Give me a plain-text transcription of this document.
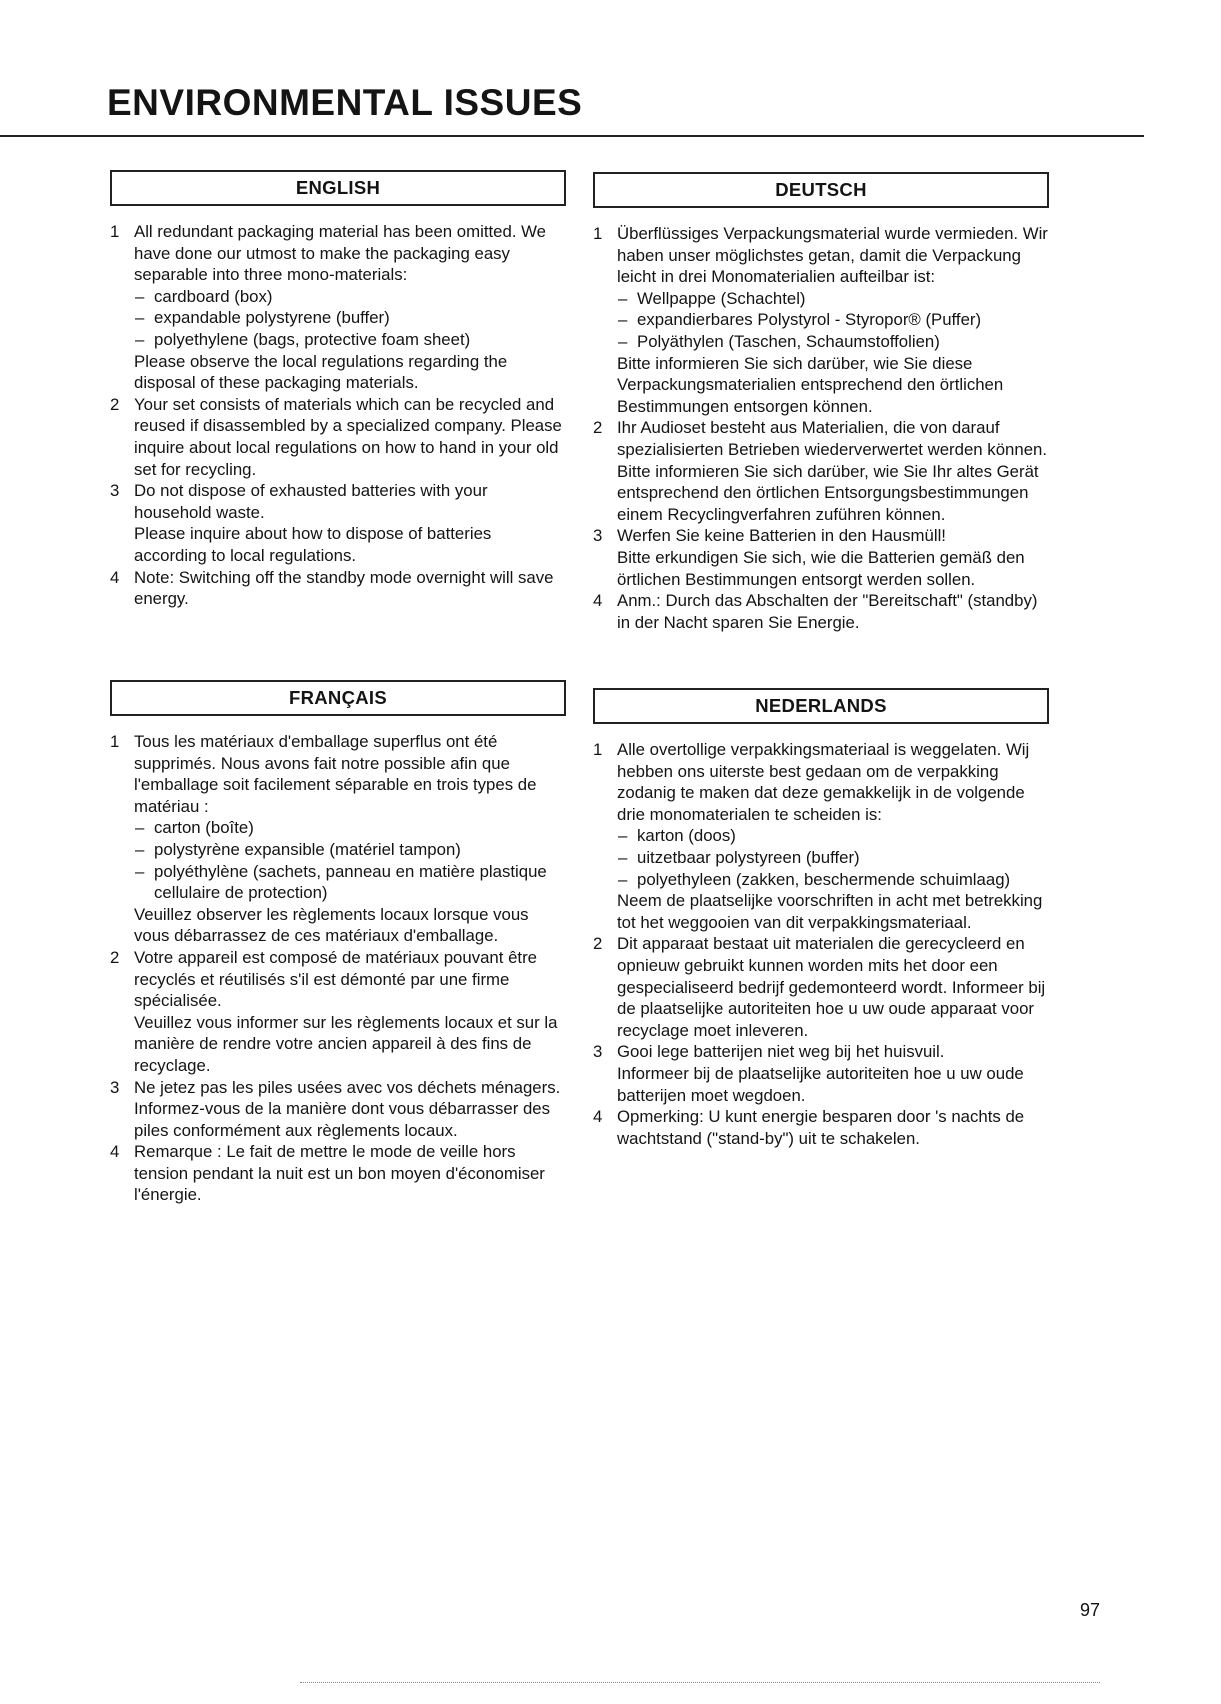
ENVIRONMENTAL ISSUES
ENGLISH
1 All redundant packaging material has been omitted. We have done our utmost to make the packaging easy separable into three mono-materials:
– cardboard (box)
– expandable polystyrene (buffer)
– polyethylene (bags, protective foam sheet)
Please observe the local regulations regarding the disposal of these packaging materials.
2 Your set consists of materials which can be recycled and reused if disassembled by a specialized company. Please inquire about local regulations on how to hand in your old set for recycling.
3 Do not dispose of exhausted batteries with your household waste.
Please inquire about how to dispose of batteries according to local regulations.
4 Note: Switching off the standby mode overnight will save energy.
DEUTSCH
1 Überflüssiges Verpackungsmaterial wurde vermieden. Wir haben unser möglichstes getan, damit die Verpackung leicht in drei Monomaterialien aufteilbar ist:
– Wellpappe (Schachtel)
– expandierbares Polystyrol - Styropor® (Puffer)
– Polyäthylen (Taschen, Schaumstoffolien)
Bitte informieren Sie sich darüber, wie Sie diese Verpackungsmaterialien entsprechend den örtlichen Bestimmungen entsorgen können.
2 Ihr Audioset besteht aus Materialien, die von darauf spezialisierten Betrieben wiederverwertet werden können.
Bitte informieren Sie sich darüber, wie Sie Ihr altes Gerät entsprechend den örtlichen Entsorgungsbestimmungen einem Recyclingverfahren zuführen können.
3 Werfen Sie keine Batterien in den Hausmüll!
Bitte erkundigen Sie sich, wie die Batterien gemäß den örtlichen Bestimmungen entsorgt werden sollen.
4 Anm.: Durch das Abschalten der "Bereitschaft" (standby) in der Nacht sparen Sie Energie.
FRANÇAIS
1 Tous les matériaux d'emballage superflus ont été supprimés. Nous avons fait notre possible afin que l'emballage soit facilement séparable en trois types de matériau :
– carton (boîte)
– polystyrène expansible (matériel tampon)
– polyéthylène (sachets, panneau en matière plastique cellulaire de protection)
Veuillez observer les règlements locaux lorsque vous vous débarrassez de ces matériaux d'emballage.
2 Votre appareil est composé de matériaux pouvant être recyclés et réutilisés s'il est démonté par une firme spécialisée.
Veuillez vous informer sur les règlements locaux et sur la manière de rendre votre ancien appareil à des fins de recyclage.
3 Ne jetez pas les piles usées avec vos déchets ménagers. Informez-vous de la manière dont vous débarrasser des piles conformément aux règlements locaux.
4 Remarque : Le fait de mettre le mode de veille hors tension pendant la nuit est un bon moyen d'économiser l'énergie.
NEDERLANDS
1 Alle overtollige verpakkingsmateriaal is weggelaten. Wij hebben ons uiterste best gedaan om de verpakking zodanig te maken dat deze gemakkelijk in de volgende drie monomaterialen te scheiden is:
– karton (doos)
– uitzetbaar polystyreen (buffer)
– polyethyleen (zakken, beschermende schuimlaag)
Neem de plaatselijke voorschriften in acht met betrekking tot het weggooien van dit verpakkingsmateriaal.
2 Dit apparaat bestaat uit materialen die gerecycleerd en opnieuw gebruikt kunnen worden mits het door een gespecialiseerd bedrijf gedemonteerd wordt. Informeer bij de plaatselijke autoriteiten hoe u uw oude apparaat voor recyclage moet inleveren.
3 Gooi lege batterijen niet weg bij het huisvuil.
Informeer bij de plaatselijke autoriteiten hoe u uw oude batterijen moet wegdoen.
4 Opmerking: U kunt energie besparen door 's nachts de wachtstand ("stand-by") uit te schakelen.
97
